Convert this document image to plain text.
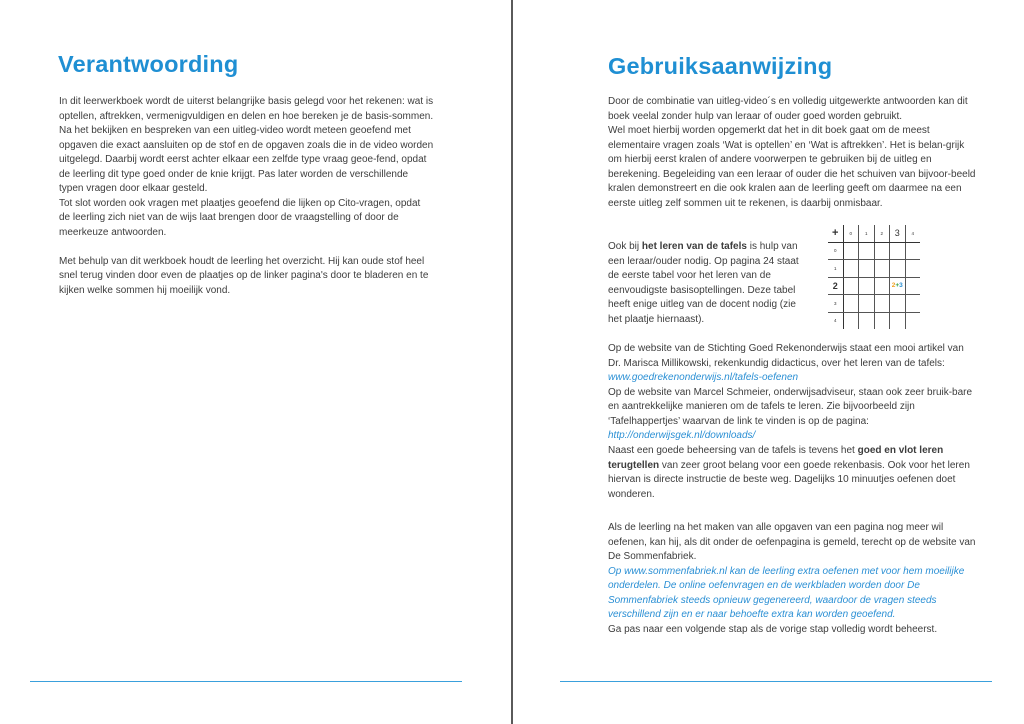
Verantwoording

In dit leerwerkboek wordt de uiterst belangrijke basis gelegd voor het rekenen: wat is optellen, aftrekken, vermenigvuldigen en delen en hoe bereken je de basis-sommen.

Na het bekijken en bespreken van een uitleg-video wordt meteen geoefend met opgaven die exact aansluiten op de stof en de opgaven zoals die in de video worden uitgelegd. Daarbij wordt eerst achter elkaar een zelfde type vraag geoe-fend, opdat de leerling dit type goed onder de knie krijgt. Pas later worden de verschillende typen vragen door elkaar gesteld.

Tot slot worden ook vragen met plaatjes geoefend die lijken op Cito-vragen, opdat de leerling zich niet van de wijs laat brengen door de vraagstelling of door de meerkeuze antwoorden.

Met behulp van dit werkboek houdt de leerling het overzicht. Hij kan oude stof heel snel terug vinden door even de plaatjes op de linker pagina's door te bladeren en te kijken welke sommen hij moeilijk vond.

Gebruiksaanwijzing

Door de combinatie van uitleg-video´s en volledig uitgewerkte antwoorden kan dit boek veelal zonder hulp van leraar of ouder goed worden gebruikt.

Wel moet hierbij worden opgemerkt dat het in dit boek gaat om de meest elementaire vragen zoals ‘Wat is optellen’ en ‘Wat is aftrekken’. Het is belan-grijk om hierbij eerst kralen of andere voorwerpen te gebruiken bij de uitleg en berekening. Begeleiding van een leraar of ouder die het schuiven van bijvoor-beeld kralen demonstreert en die ook kralen aan de leerling geeft om daarmee na een eerste uitleg zelf sommen uit te rekenen, is daarbij onmisbaar.

Ook bij het leren van de tafels is hulp van een leraar/ouder nodig. Op pagina 24 staat de eerste tabel voor het leren van de eenvoudigste basisoptellingen. Deze tabel heeft enige uitleg van de docent nodig (zie het plaatje hiernaast).

+	0	1	2	3	4
0					
1					
2				2+3	
3					
4					

Op de website van de Stichting Goed Rekenonderwijs staat een mooi artikel van Dr. Marisca Millikowski, rekenkundig didacticus, over het leren van de tafels: www.goedrekenonderwijs.nl/tafels-oefenen

Op de website van Marcel Schmeier, onderwijsadviseur, staan ook zeer bruik-bare en aantrekkelijke manieren om de tafels te leren. Zie bijvoorbeeld zijn ‘Tafelhappertjes’ waarvan de link te vinden is op de pagina:

http://onderwijsgek.nl/downloads/

Naast een goede beheersing van de tafels is tevens het goed en vlot leren terugtellen van zeer groot belang voor een goede rekenbasis. Ook voor het leren hiervan is directe instructie de beste weg. Dagelijks 10 minuutjes oefenen doet wonderen.

Als de leerling na het maken van alle opgaven van een pagina nog meer wil oefenen, kan hij, als dit onder de oefenpagina is gemeld, terecht op de website van De Sommenfabriek.

Op www.sommenfabriek.nl kan de leerling extra oefenen met voor hem moeilijke onderdelen. De online oefenvragen en de werkbladen worden door De Sommenfabriek steeds opnieuw gegenereerd, waardoor de vragen steeds verschillend zijn en er naar behoefte extra kan worden geoefend.

Ga pas naar een volgende stap als de vorige stap volledig wordt beheerst.
